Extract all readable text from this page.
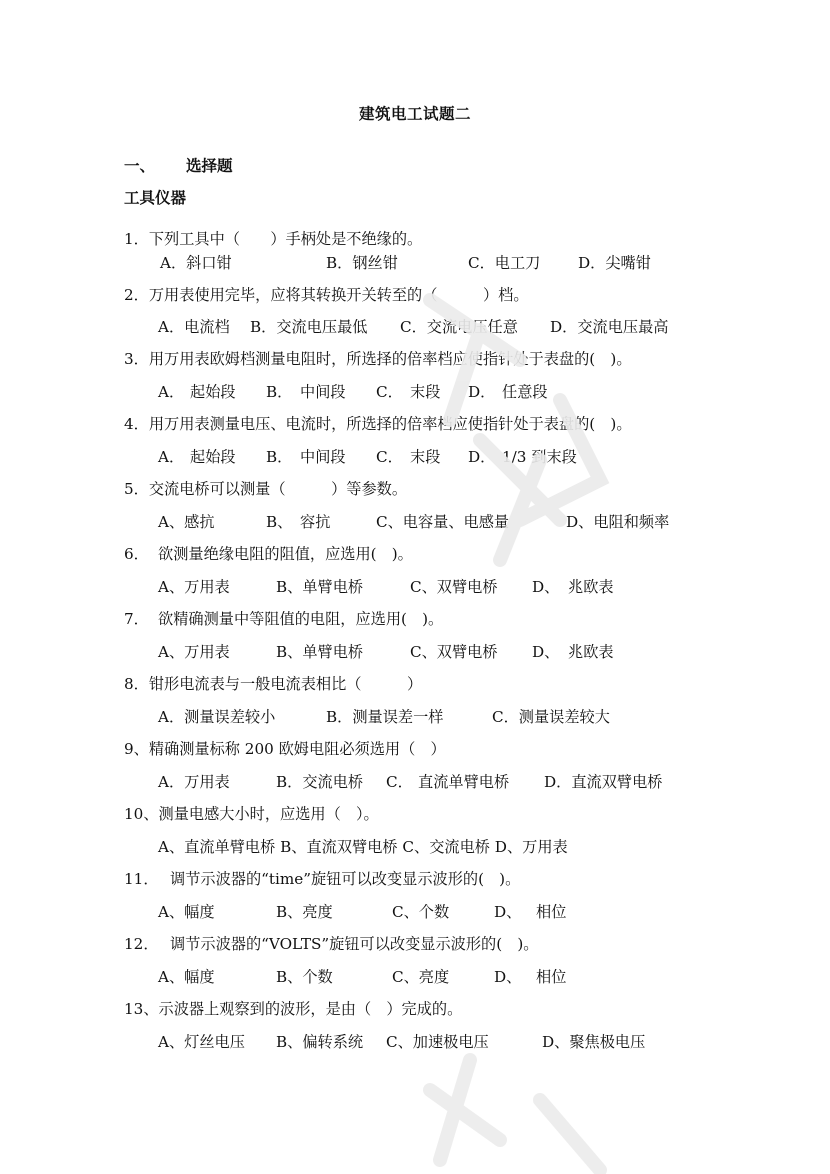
建筑电工试题二
一、 选择题
工具仪器
1．下列工具中（　　）手柄处是不绝缘的。
A．斜口钳	B．钢丝钳	C．电工刀 D．尖嘴钳
2．万用表使用完毕，应将其转换开关转至的（　　　）档。
A．电流档 B．交流电压最低 C．交流电压任意 D．交流电压最高
3．用万用表欧姆档测量电阻时，所选择的倍率档应使指针处于表盘的(　)。
A． 起始段 B． 中间段 C． 末段 D． 任意段
4．用万用表测量电压、电流时，所选择的倍率档应使指针处于表盘的(　)。
A． 起始段 B． 中间段 C． 末段 D． 1/3 到末段
5．交流电桥可以测量（　　　）等参数。
A、感抗	B、 容抗	C、电容量、电感量	D、电阻和频率
6． 欲测量绝缘电阻的阻值，应选用(　)。
A、万用表	B、单臂电桥	C、双臂电桥 D、 兆欧表
7． 欲精确测量中等阻值的电阻，应选用(　)。
A、万用表	B、单臂电桥	C、双臂电桥 D、 兆欧表
8．钳形电流表与一般电流表相比（　　　）
A．测量误差较小	B．测量误差一样	C．测量误差较大
9、精确测量标称 200 欧姆电阻必须选用（　）
A．万用表	B．交流电桥 C． 直流单臂电桥 D．直流双臂电桥
10、测量电感大小时，应选用（　）。
A、直流单臂电桥 B、直流双臂电桥 C、交流电桥 D、万用表
11． 调节示波器的“time”旋钮可以改变显示波形的(　)。
A、幅度	B、亮度	C、个数	D、 相位
12． 调节示波器的“VOLTS”旋钮可以改变显示波形的(　)。
A、幅度	B、个数	C、亮度	D、 相位
13、示波器上观察到的波形，是由（　）完成的。
A、灯丝电压 B、偏转系统 C、加速极电压	D、聚焦极电压
